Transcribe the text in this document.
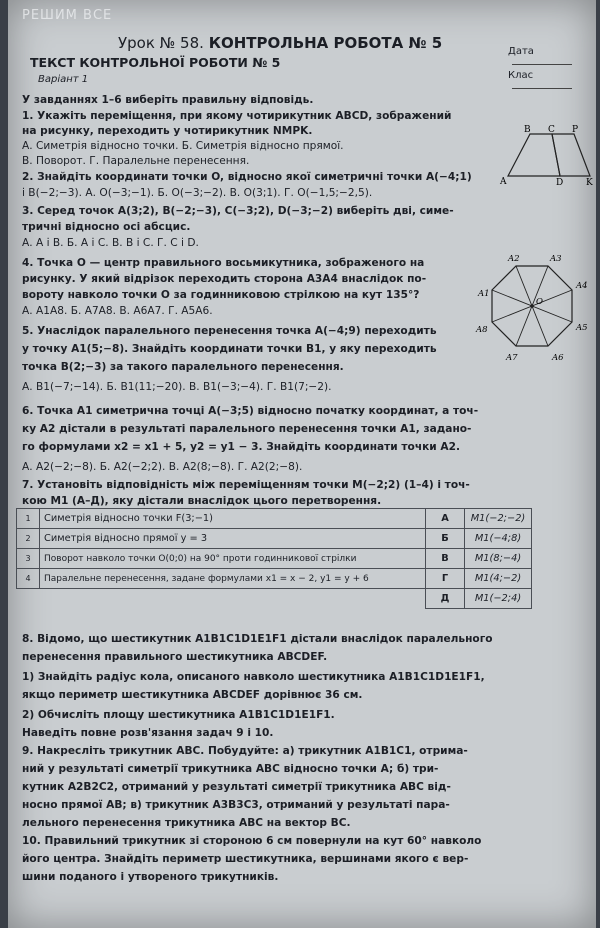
РЕШИМ ВСЕ
Урок № 58. КОНТРОЛЬНА РОБОТА № 5
ТЕКСТ КОНТРОЛЬНОЇ РОБОТИ № 5
Варіант 1
Дата
Клас
B C P
A	D	K
A1
A2	A3
A4
A5
A6
A7
A8
O
У завданнях 1–6 виберіть правильну відповідь.
1. Укажіть переміщення, при якому чотирикутник ABCD, зображений
на рисунку, переходить у чотирикутник NMPK.
А. Симетрія відносно точки. Б. Симетрія відносно прямої.
В. Поворот. Г. Паралельне перенесення.
2. Знайдіть координати точки O, відносно якої симетричні точки A(−4;1)
і B(−2;−3). А. O(−3;−1). Б. O(−3;−2). В. O(3;1). Г. O(−1,5;−2,5).
3. Серед точок A(3;2), B(−2;−3), C(−3;2), D(−3;−2) виберіть дві, симе-
тричні відносно осі абсцис.
А. A і B. Б. A і C. В. B і C. Г. C і D.
4. Точка O — центр правильного восьмикутника, зображеного на
рисунку. У який відрізок переходить сторона A3A4 внаслідок по-
вороту навколо точки O за годинниковою стрілкою на кут 135°?
А. A1A8. Б. A7A8. В. A6A7. Г. A5A6.
5. Унаслідок паралельного перенесення точка A(−4;9) переходить
у точку A1(5;−8). Знайдіть координати точки B1, у яку переходить
точка B(2;−3) за такого паралельного перенесення.
А. B1(−7;−14). Б. B1(11;−20). В. B1(−3;−4). Г. B1(7;−2).
6. Точка A1 симетрична точці A(−3;5) відносно початку координат, а точ-
ку A2 дістали в результаті паралельного перенесення точки A1, задано-
го формулами x2 = x1 + 5, y2 = y1 − 3. Знайдіть координати точки A2.
А. A2(−2;−8). Б. A2(−2;2). В. A2(8;−8). Г. A2(2;−8).
7. Установіть відповідність між переміщенням точки M(−2;2) (1–4) і точ-
кою M1 (А–Д), яку дістали внаслідок цього перетворення.
1	Симетрія відносно точки F(3;−1)	А	M1(−2;−2)
2	Симетрія відносно прямої y = 3	Б	M1(−4;8)
3	Поворот навколо точки O(0;0) на 90° проти годинникової стрілки	В	M1(8;−4)
4	Паралельне перенесення, задане формулами x1 = x − 2, y1 = y + 6	Г	M1(4;−2)
		Д	M1(−2;4)
8. Відомо, що шестикутник A1B1C1D1E1F1 дістали внаслідок паралельного
перенесення правильного шестикутника ABCDEF.
1) Знайдіть радіус кола, описаного навколо шестикутника A1B1C1D1E1F1,
якщо периметр шестикутника ABCDEF дорівнює 36 см.
2) Обчисліть площу шестикутника A1B1C1D1E1F1.
Наведіть повне розв'язання задач 9 і 10.
9. Накресліть трикутник ABC. Побудуйте: а) трикутник A1B1C1, отрима-
ний у результаті симетрії трикутника ABC відносно точки A; б) три-
кутник A2B2C2, отриманий у результаті симетрії трикутника ABC від-
носно прямої AB; в) трикутник A3B3C3, отриманий у результаті пара-
лельного перенесення трикутника ABC на вектор BC.
10. Правильний трикутник зі стороною 6 см повернули на кут 60° навколо
його центра. Знайдіть периметр шестикутника, вершинами якого є вер-
шини поданого і утвореного трикутників.
